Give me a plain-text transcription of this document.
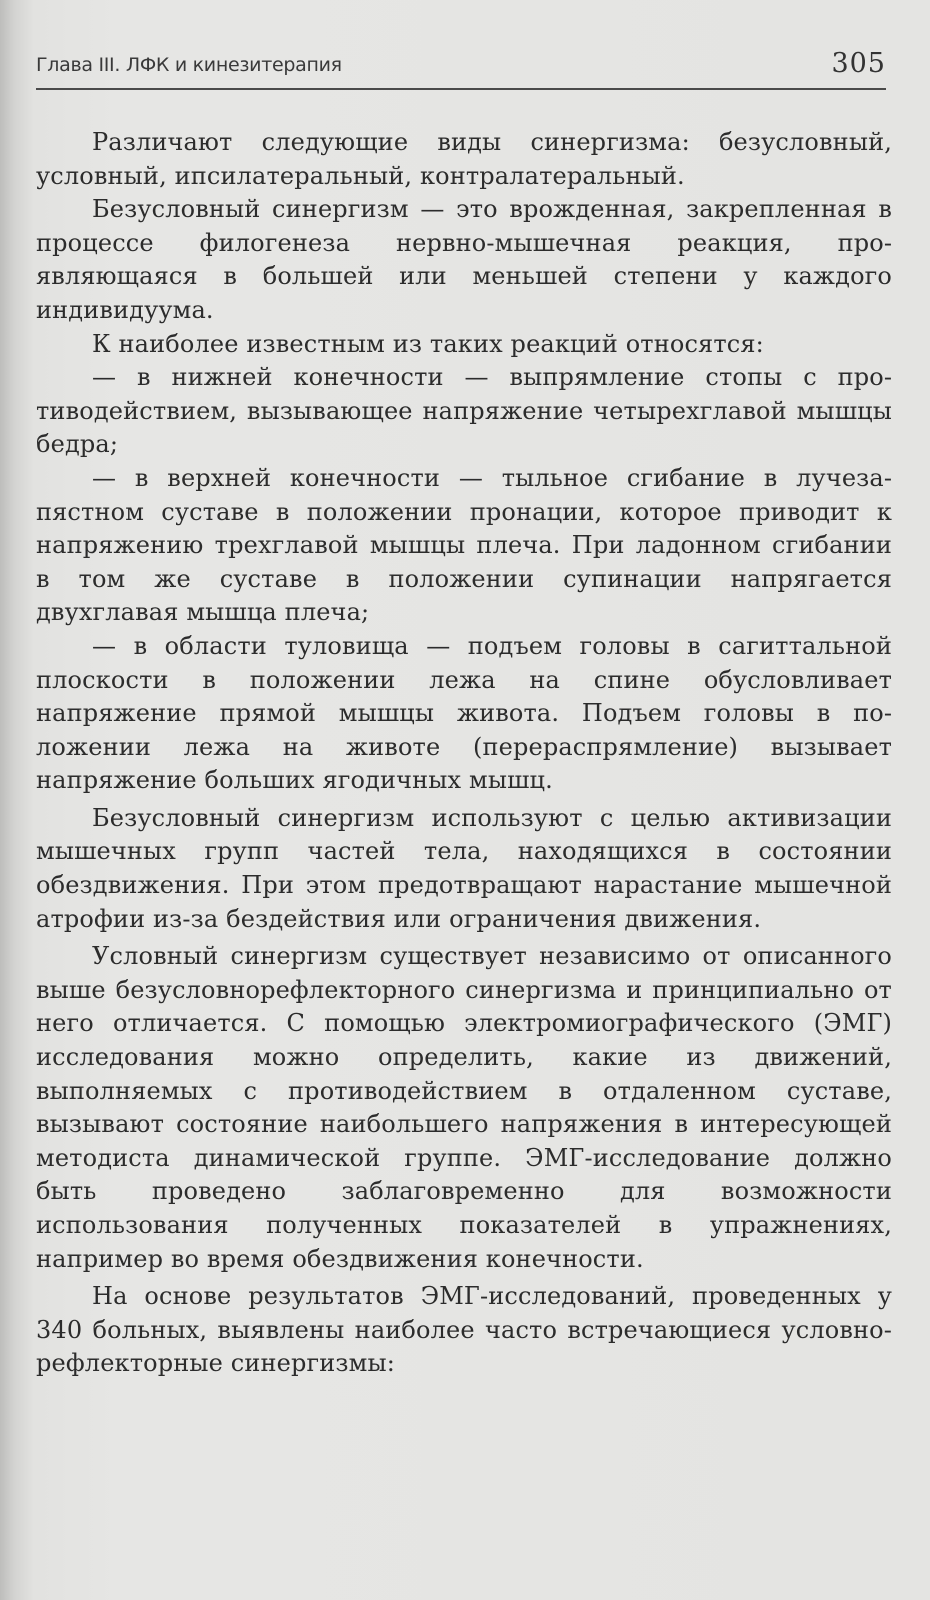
Глава III. ЛФК и кинезитерапия	305

Различают следующие виды синергизма: безусловный, условный, ипсилатеральный, контралатеральный.

Безусловный синергизм — это врожденная, закрепленная в процессе филогенеза нервно-мышечная реакция, проявляющаяся в большей или меньшей степени у каждого индивидуума.

К наиболее известным из таких реакций относятся:

— в нижней конечности — выпрямление стопы с противодействием, вызывающее напряжение четырехглавой мышцы бедра;

— в верхней конечности — тыльное сгибание в лучезапястном суставе в положении пронации, которое приводит к напряжению трехглавой мышцы плеча. При ладонном сгибании в том же суставе в положении супинации напрягается двухглавая мышца плеча;

— в области туловища — подъем головы в сагиттальной плоскости в положении лежа на спине обусловливает напряжение прямой мышцы живота. Подъем головы в положении лежа на животе (перераспрямление) вызывает напряжение больших ягодичных мышц.

Безусловный синергизм используют с целью активизации мышечных групп частей тела, находящихся в состоянии обездвижения. При этом предотвращают нарастание мышечной атрофии из-за бездействия или ограничения движения.

Условный синергизм существует независимо от описанного выше безусловнорефлекторного синергизма и принципиально от него отличается. С помощью электромиографического (ЭМГ) исследования можно определить, какие из движений, выполняемых с противодействием в отдаленном суставе, вызывают состояние наибольшего напряжения в интересующей методиста динамической группе. ЭМГ-исследование должно быть проведено заблаговременно для возможности использования полученных показателей в упражнениях, например во время обездвижения конечности.

На основе результатов ЭМГ-исследований, проведенных у 340 больных, выявлены наиболее часто встречающиеся условно-рефлекторные синергизмы:
